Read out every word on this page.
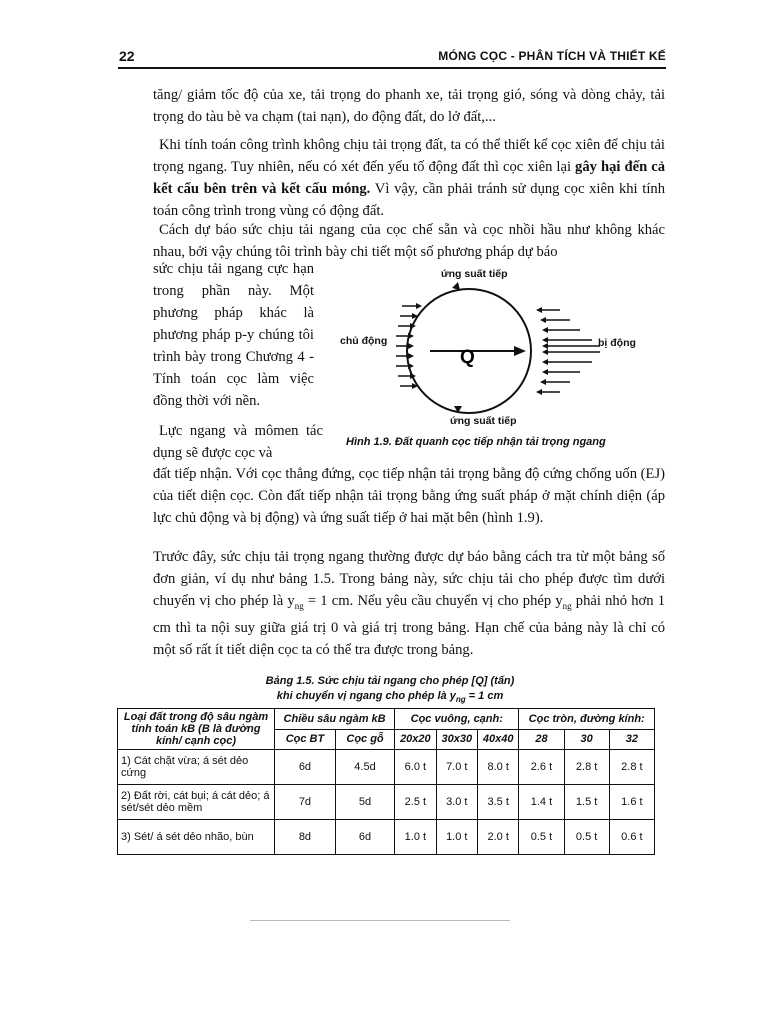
22	MÓNG CỌC - PHÂN TÍCH VÀ THIẾT KẾ

tăng/ giảm tốc độ của xe, tải trọng do phanh xe, tải trọng gió, sóng và dòng chảy, tải trọng do tàu bè va chạm (tai nạn), do động đất, do lở đất,...

Khi tính toán công trình không chịu tải trọng đất, ta có thể thiết kế cọc xiên để chịu tải trọng ngang. Tuy nhiên, nếu có xét đến yếu tố động đất thì cọc xiên lại gây hại đến cả kết cấu bên trên và kết cấu móng. Vì vậy, cần phải tránh sử dụng cọc xiên khi tính toán công trình trong vùng có động đất.

Cách dự báo sức chịu tải ngang của cọc chế sẵn và cọc nhồi hầu như không khác nhau, bởi vậy chúng tôi trình bày chi tiết một số phương pháp dự báo

sức chịu tải ngang cực hạn trong phần này. Một phương pháp khác là phương pháp p-y chúng tôi trình bày trong Chương 4 - Tính toán cọc làm việc đồng thời với nền.

Lực ngang và mômen tác dụng sẽ được cọc và

đất tiếp nhận. Với cọc thẳng đứng, cọc tiếp nhận tải trọng bằng độ cứng chống uốn (EJ) của tiết diện cọc. Còn đất tiếp nhận tải trọng bằng ứng suất pháp ở mặt chính diện (áp lực chủ động và bị động) và ứng suất tiếp ở hai mặt bên (hình 1.9).

Trước đây, sức chịu tải trọng ngang thường được dự báo bằng cách tra từ một bảng số đơn giản, ví dụ như bảng 1.5. Trong bảng này, sức chịu tải cho phép được tìm dưới chuyển vị cho phép là $y_{ng} = 1$ cm. Nếu yêu cầu chuyển vị cho phép $y_{ng}$ phải nhỏ hơn 1 cm thì ta nội suy giữa giá trị 0 và giá trị trong bảng. Hạn chế của bảng này là chỉ có một số rất ít tiết diện cọc ta có thể tra được trong bảng.

Q
ứng suất tiếp
ứng suất tiếp
chủ động	bị động
Hình 1.9. Đất quanh cọc tiếp nhận tải trọng ngang
Bảng 1.5. Sức chịu tải ngang cho phép [Q] (tấn)
khi chuyển vị ngang cho phép là $y_{ng} = 1$ cm
Loại đất trong độ sâu ngàm tính toán kB (B là đường kính/ cạnh cọc)	Chiều sâu ngàm kB		Cọc vuông, cạnh:			Cọc tròn, đường kính:		
	Cọc BT	Cọc gỗ	20x20	30x30	40x40	28	30	32
1) Cát chặt vừa; á sét dẻo cứng	6d	4.5d	6.0 t	7.0 t	8.0 t	2.6 t	2.8 t	2.8 t
2) Đất rời, cát bụi; á cát dẻo; á sét/sét dẻo mềm	7d	5d	2.5 t	3.0 t	3.5 t	1.4 t	1.5 t	1.6 t
3) Sét/ á sét dẻo nhão, bùn	8d	6d	1.0 t	1.0 t	2.0 t	0.5 t	0.5 t	0.6 t
